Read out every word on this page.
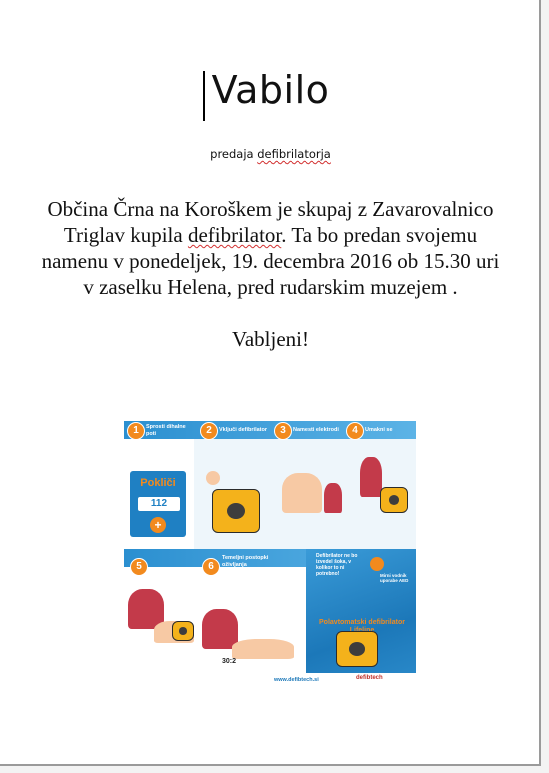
Vabilo
predaja defibrilatorja

Občina Črna na Koroškem je skupaj z Zavarovalnico Triglav kupila defibrilator. Ta bo predan svojemu namenu v ponedeljek, 19. decembra 2016 ob 15.30 uri v zaselku Helena, pred rudarskim muzejem .

Vabljeni!

1	Sprosti dihalne poti	2	Vključi defibrilator	3	Namesti elektrodi	4	Umakni se
Pokliči
112
+
5	6
Temeljni postopki oživljanja
30:2
Defibrilator ne bo izvedel šoka, v kolikor to ni potrebno!	Mirni vodnik uporabe AED
Polavtomatski defibrilator
www.defibtech.si	defibtech
